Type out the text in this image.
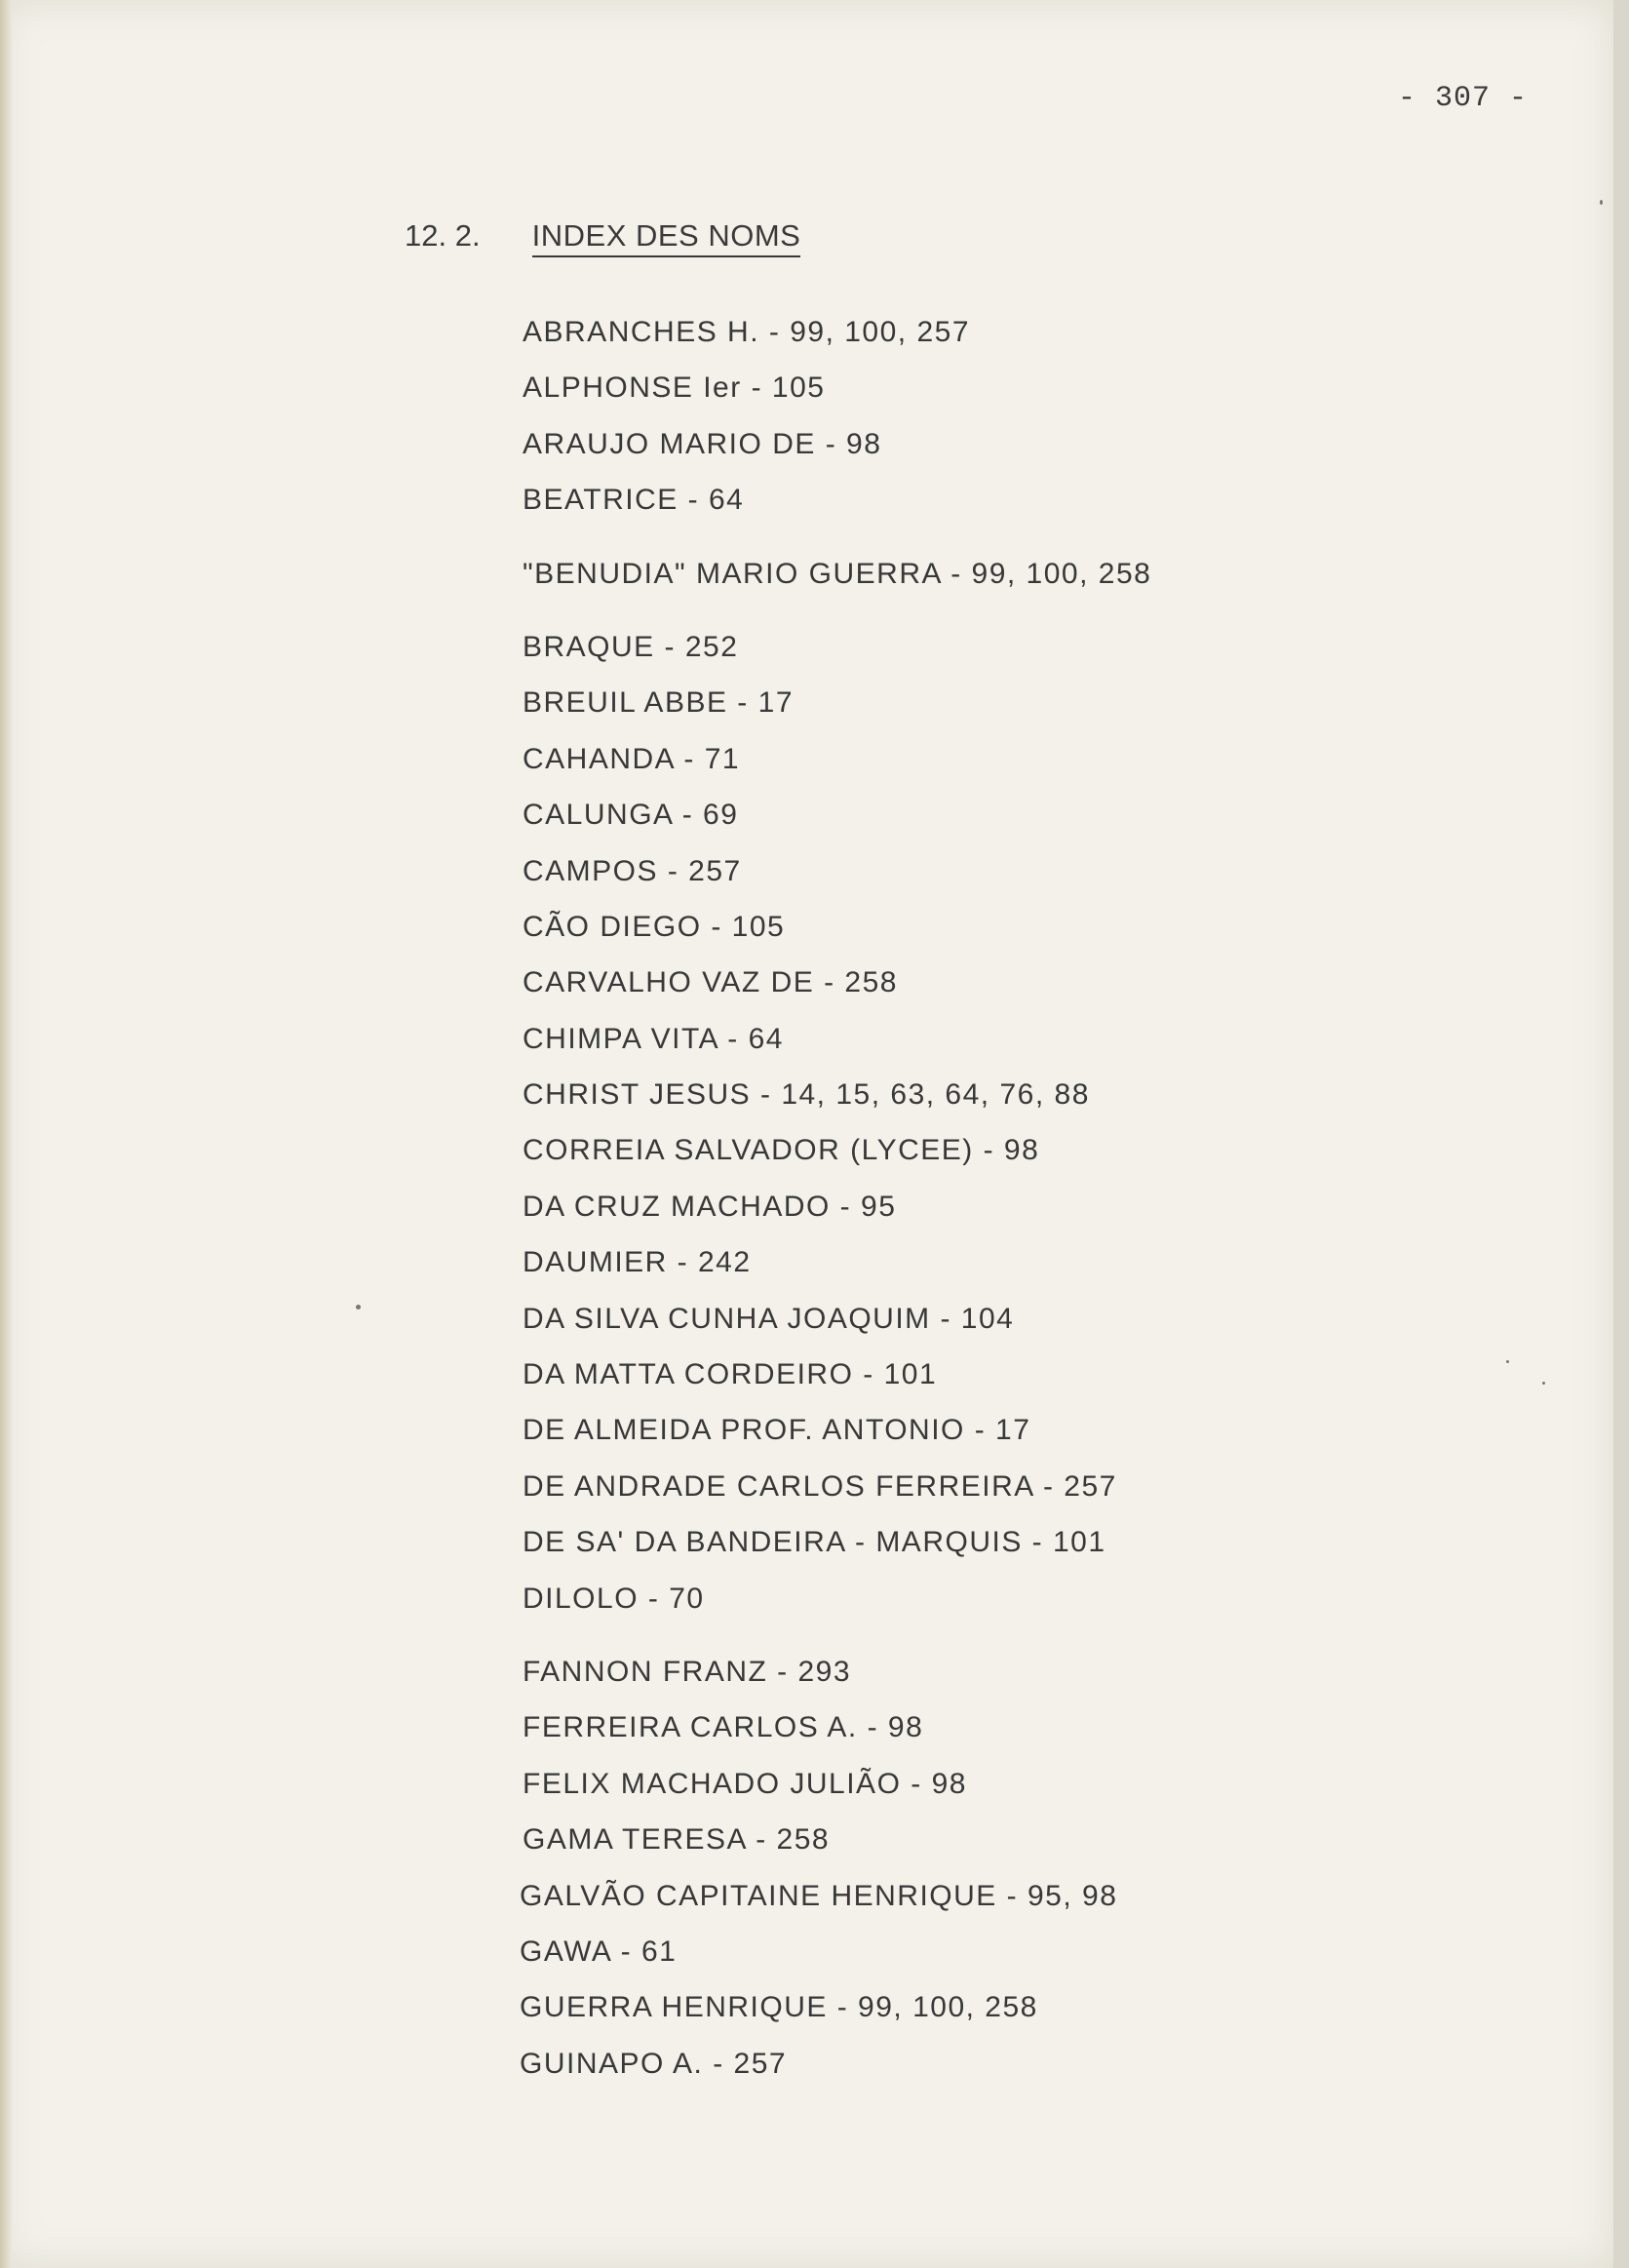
- 307 -
12. 2. INDEX DES NOMS
ABRANCHES H. - 99, 100, 257
ALPHONSE Ier - 105
ARAUJO MARIO DE - 98
BEATRICE - 64
"BENUDIA" MARIO GUERRA - 99, 100, 258
BRAQUE - 252
BREUIL ABBE - 17
CAHANDA - 71
CALUNGA - 69
CAMPOS - 257
CÃO DIEGO - 105
CARVALHO VAZ DE - 258
CHIMPA VITA - 64
CHRIST JESUS - 14, 15, 63, 64, 76, 88
CORREIA SALVADOR (LYCEE) - 98
DA CRUZ MACHADO - 95
DAUMIER - 242
DA SILVA CUNHA JOAQUIM - 104
DA MATTA CORDEIRO - 101
DE ALMEIDA PROF. ANTONIO - 17
DE ANDRADE CARLOS FERREIRA - 257
DE SA' DA BANDEIRA - MARQUIS - 101
DILOLO - 70
FANNON FRANZ - 293
FERREIRA CARLOS A. - 98
FELIX MACHADO JULIÃO - 98
GAMA TERESA - 258
GALVÃO CAPITAINE HENRIQUE - 95, 98
GAWA - 61
GUERRA HENRIQUE - 99, 100, 258
GUINAPO A. - 257
